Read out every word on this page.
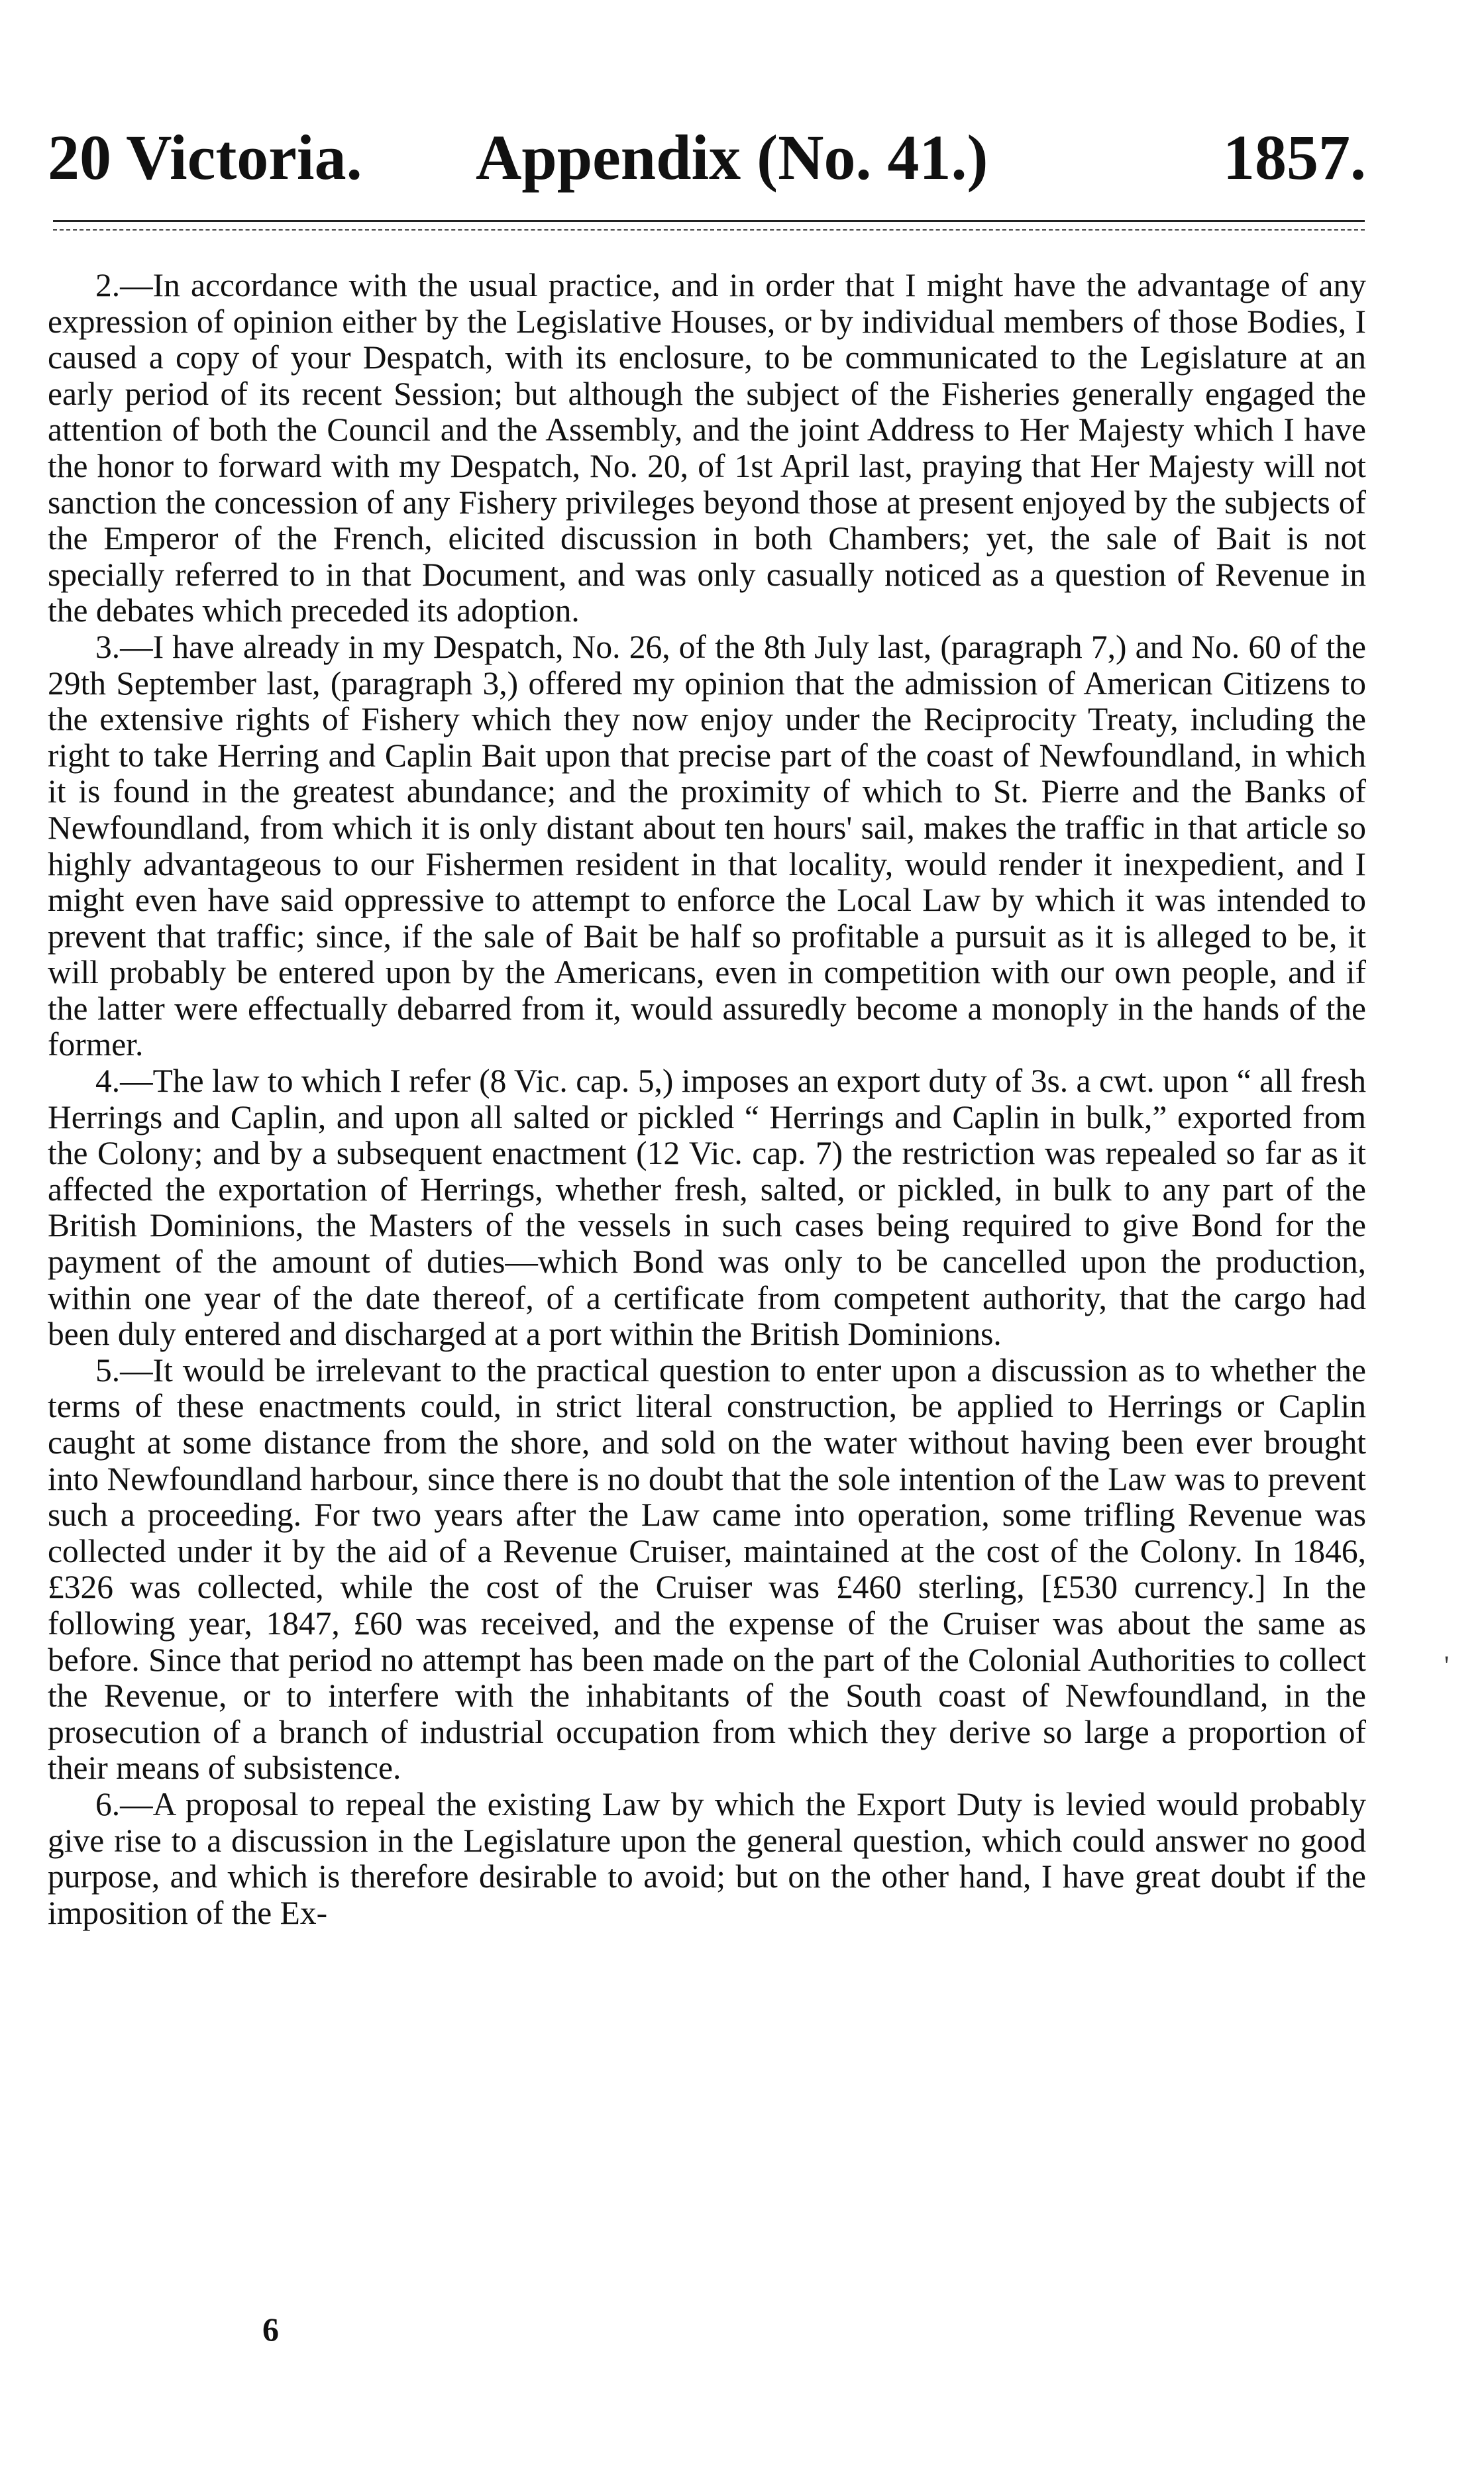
20 Victoria. Appendix (No. 41.)	1857.

2.—In accordance with the usual practice, and in order that I might have the advantage of any expression of opinion either by the Legislative Houses, or by individual members of those Bodies, I caused a copy of your Despatch, with its enclosure, to be communicated to the Legislature at an early period of its recent Session; but although the subject of the Fisheries generally engaged the attention of both the Council and the Assembly, and the joint Address to Her Majesty which I have the honor to forward with my Despatch, No. 20, of 1st April last, praying that Her Majesty will not sanction the concession of any Fishery privileges beyond those at present enjoyed by the subjects of the Emperor of the French, elicited discussion in both Chambers; yet, the sale of Bait is not specially referred to in that Document, and was only casually noticed as a question of Revenue in the debates which preceded its adoption.

3.—I have already in my Despatch, No. 26, of the 8th July last, (paragraph 7,) and No. 60 of the 29th September last, (paragraph 3,) offered my opinion that the admission of American Citizens to the extensive rights of Fishery which they now enjoy under the Reciprocity Treaty, including the right to take Herring and Caplin Bait upon that precise part of the coast of Newfoundland, in which it is found in the greatest abundance; and the proximity of which to St. Pierre and the Banks of Newfoundland, from which it is only distant about ten hours' sail, makes the traffic in that article so highly advantageous to our Fishermen resident in that locality, would render it inexpedient, and I might even have said oppressive to attempt to enforce the Local Law by which it was intended to prevent that traffic; since, if the sale of Bait be half so profitable a pursuit as it is alleged to be, it will probably be entered upon by the Americans, even in competition with our own people, and if the latter were effectually debarred from it, would assuredly become a monoply in the hands of the former.

4.—The law to which I refer (8 Vic. cap. 5,) imposes an export duty of 3s. a cwt. upon “ all fresh Herrings and Caplin, and upon all salted or pickled “ Herrings and Caplin in bulk,” exported from the Colony; and by a subsequent enactment (12 Vic. cap. 7) the restriction was repealed so far as it affected the exportation of Herrings, whether fresh, salted, or pickled, in bulk to any part of the British Dominions, the Masters of the vessels in such cases being required to give Bond for the payment of the amount of duties—which Bond was only to be cancelled upon the production, within one year of the date thereof, of a certificate from competent authority, that the cargo had been duly entered and discharged at a port within the British Dominions.

5.—It would be irrelevant to the practical question to enter upon a discussion as to whether the terms of these enactments could, in strict literal construction, be applied to Herrings or Caplin caught at some distance from the shore, and sold on the water without having been ever brought into Newfoundland harbour, since there is no doubt that the sole intention of the Law was to prevent such a proceeding. For two years after the Law came into operation, some trifling Revenue was collected under it by the aid of a Revenue Cruiser, maintained at the cost of the Colony. In 1846, £326 was collected, while the cost of the Cruiser was £460 sterling, [£530 currency.] In the following year, 1847, £60 was received, and the expense of the Cruiser was about the same as before. Since that period no attempt has been made on the part of the Colonial Authorities to collect the Revenue, or to interfere with the inhabitants of the South coast of Newfoundland, in the prosecution of a branch of industrial occupation from which they derive so large a proportion of their means of subsistence.

6.—A proposal to repeal the existing Law by which the Export Duty is levied would probably give rise to a discussion in the Legislature upon the general question, which could answer no good purpose, and which is therefore desirable to avoid; but on the other hand, I have great doubt if the imposition of the Ex-

'
6
